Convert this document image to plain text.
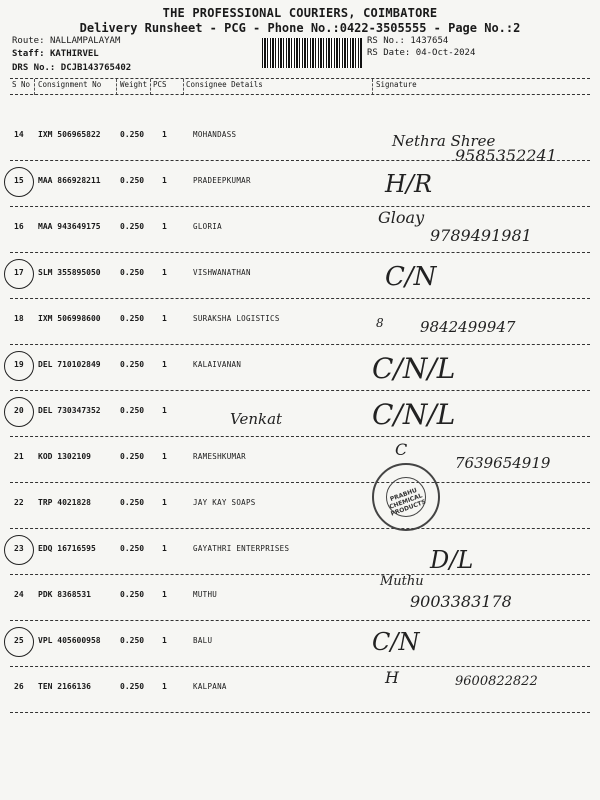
THE PROFESSIONAL COURIERS, COIMBATORE
Delivery Runsheet - PCG - Phone No.:0422-3505555 - Page No.:2
Route: NALLAMPALAYAM
Staff: KATHIRVEL
DRS No.: DCJB143765402
RS No.: 1437654
RS Date: 04-Oct-2024
S No Consignment No	Weight PCS	Consignee Details	Signature
14 IXM 506965822 0.250 1	MOHANDASS	Nethra Shree
9585352241
15 MAA 866928211 0.250 1	PRADEEPKUMAR	H/R
16 MAA 943649175 0.250 1	GLORIA	Gloay
9789491981
17 SLM 355895050 0.250 1	VISHWANATHAN	C/N
18 IXM 506998600 0.250 1	SURAKSHA LOGISTICS	8 9842499947
19 DEL 710102849 0.250 1	KALAIVANAN	C/N/L
20 DEL 730347352 0.250 1	Venkat	C/N/L
21 KOD 1302109	0.250 1	RAMESHKUMAR	C
7639654919
22 TRP 4021828	0.250 1	JAY KAY SOAPS
23 EDQ 16716595	0.250 1	GAYATHRI ENTERPRISES	D/L
24 PDK 8368531	0.250 1	MUTHU
Muthu
9003383178
25 VPL 405600958 0.250 1	BALU	C/N
26 TEN 2166136	0.250 1	KALPANA	H	9600822822
PRABHU CHEMICAL PRODUCTS
